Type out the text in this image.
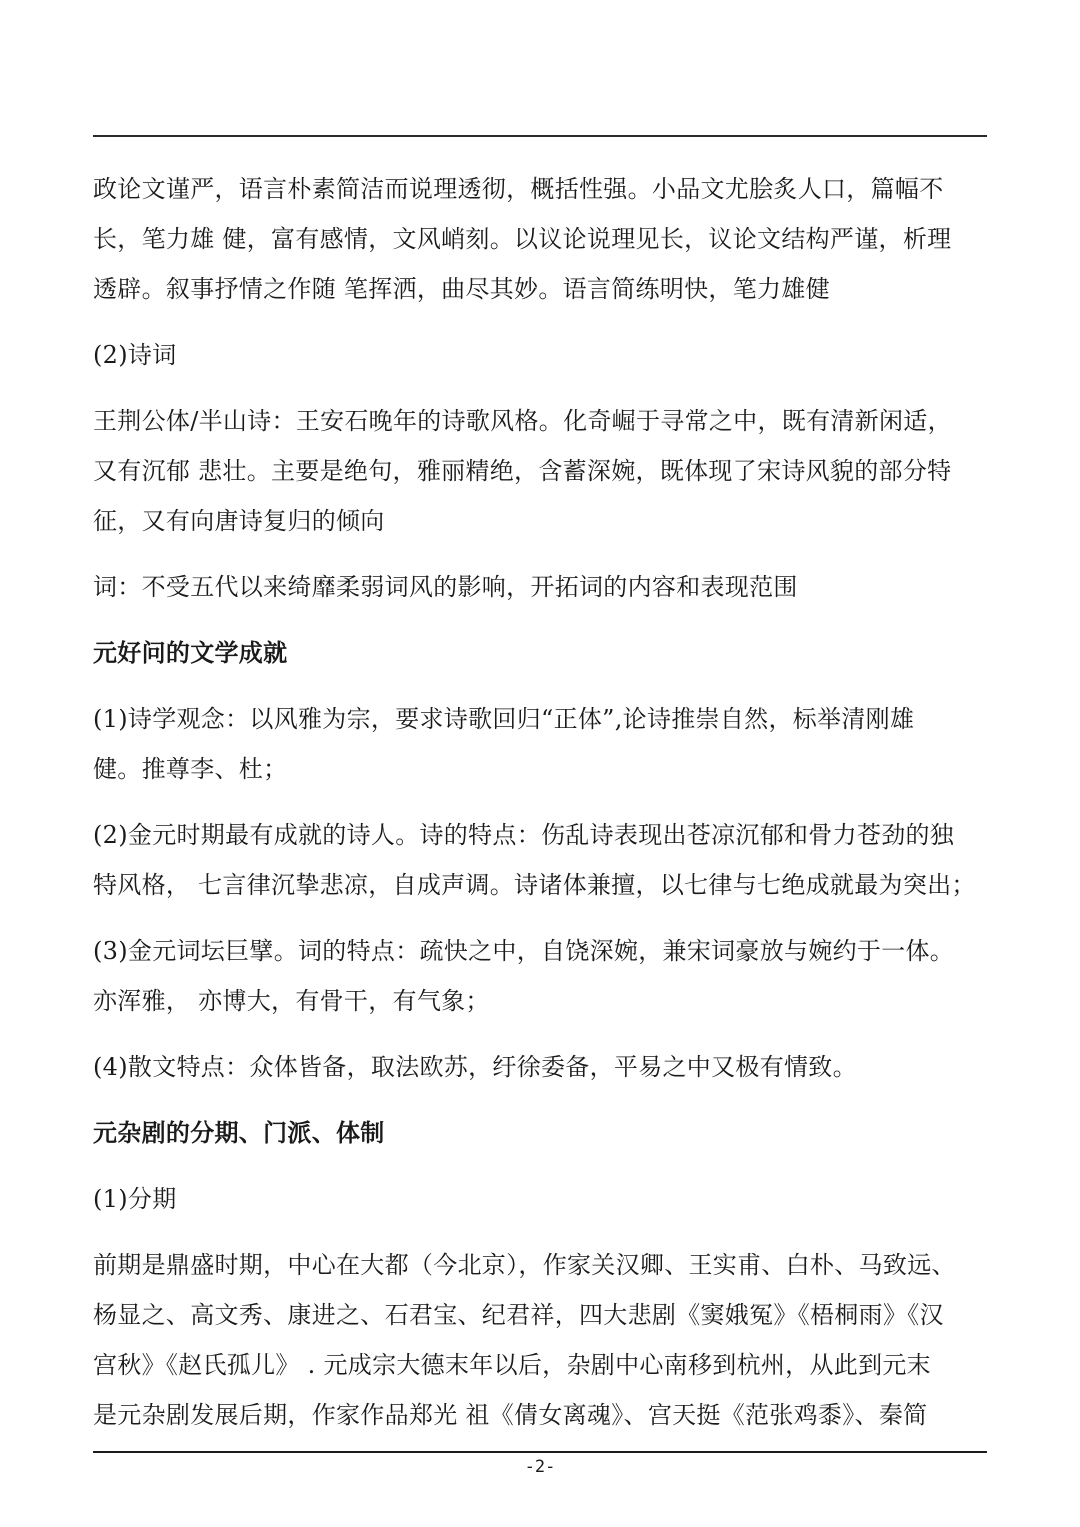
政论文谨严，语言朴素简洁而说理透彻，概括性强。小品文尤脍炙人口，篇幅不
长，笔力雄 健，富有感情，文风峭刻。以议论说理见长，议论文结构严谨，析理
透辟。叙事抒情之作随 笔挥洒，曲尽其妙。语言简练明快，笔力雄健

(2)诗词

王荆公体/半山诗：王安石晚年的诗歌风格。化奇崛于寻常之中，既有清新闲适，
又有沉郁 悲壮。主要是绝句，雅丽精绝，含蓄深婉，既体现了宋诗风貌的部分特
征，又有向唐诗复归的倾向

词：不受五代以来绮靡柔弱词风的影响，开拓词的内容和表现范围

元好问的文学成就

(1)诗学观念：以风雅为宗，要求诗歌回归“正体”,论诗推崇自然，标举清刚雄
健。推尊李、杜；

(2)金元时期最有成就的诗人。诗的特点：伤乱诗表现出苍凉沉郁和骨力苍劲的独
特风格， 七言律沉挚悲凉，自成声调。诗诸体兼擅，以七律与七绝成就最为突出；

(3)金元词坛巨擘。词的特点：疏快之中，自饶深婉，兼宋词豪放与婉约于一体。
亦浑雅， 亦博大，有骨干，有气象；

(4)散文特点：众体皆备，取法欧苏，纡徐委备，平易之中又极有情致。

元杂剧的分期、门派、体制

(1)分期

前期是鼎盛时期，中心在大都（今北京），作家关汉卿、王实甫、白朴、马致远、
杨显之、高文秀、康进之、石君宝、纪君祥，四大悲剧《窦娥冤》《梧桐雨》《汉
宫秋》《赵氏孤儿》 . 元成宗大德末年以后，杂剧中心南移到杭州，从此到元末
是元杂剧发展后期，作家作品郑光 祖《倩女离魂》、宫天挺《范张鸡黍》、秦简

-2-
